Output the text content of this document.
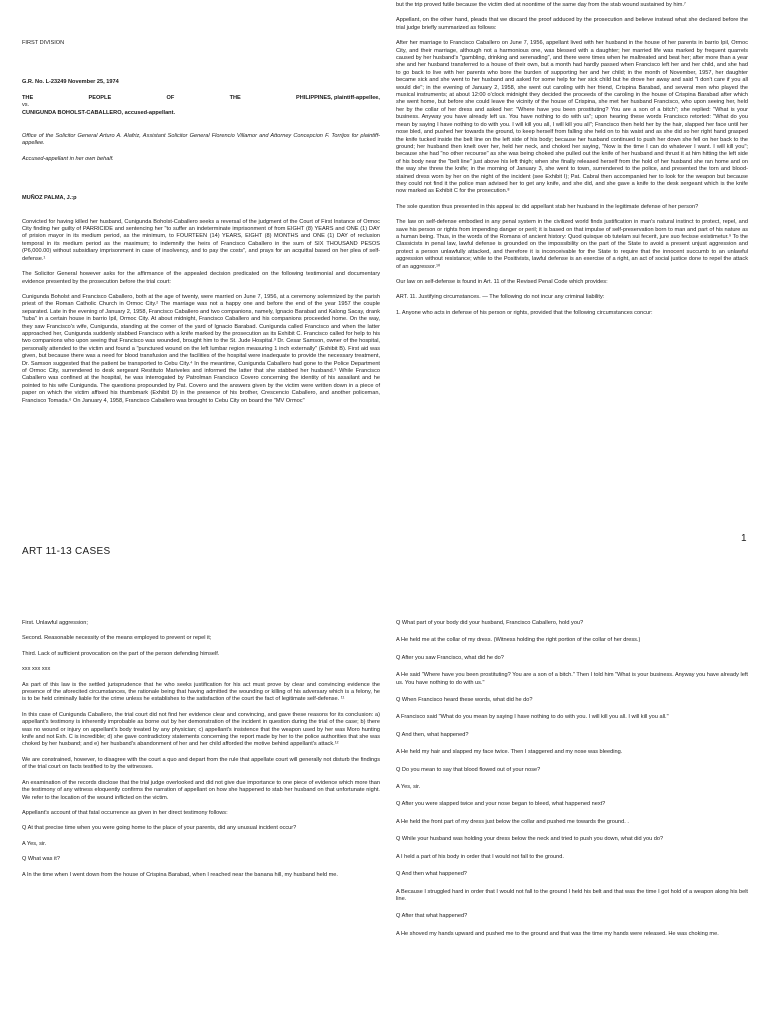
FIRST DIVISION

G.R. No. L-23249 November 25, 1974

THE	PEOPLE	OF	THE	PHILIPPINES, plaintiff-appellee,

vs.

CUNIGUNDA BOHOLST-CABALLERO, accused-appellant.

Office of the Solicitor General Arturo A. Alafriz, Assistant Solicitor General Florencio Villamor and Attorney Concepcion F. Torrijos for plaintiff-appellee.

Accused-appellant in her own behalf.

MUÑOZ PALMA, J.:p

Convicted for having killed her husband, Cunigunda Boholst-Caballero seeks a reversal of the judgment of the Court of First Instance of Ormoc City finding her guilty of PARRICIDE and sentencing her "to suffer an indeterminate imprisonment of from EIGHT (8) YEARS and ONE (1) DAY of prision mayor in its medium period, as the minimum, to FOURTEEN (14) YEARS, EIGHT (8) MONTHS and ONE (1) DAY of reclusion temporal in its medium period as the maximum; to indemnify the heirs of Francisco Caballero in the sum of SIX THOUSAND PESOS (P6,000.00) without subsidiary imprisonment in case of insolvency, and to pay the costs", and prays for an acquittal based on her plea of self-defense.¹

The Solicitor General however asks for the affirmance of the appealed decision predicated on the following testimonial and documentary evidence presented by the prosecution before the trial court:

Cunigunda Boholst and Francisco Caballero, both at the age of twenty, were married on June 7, 1956, at a ceremony solemnized by the parish priest of the Roman Catholic Church in Ormoc City.² The marriage was not a happy one and before the end of the year 1957 the couple separated. Late in the evening of January 2, 1958, Francisco Caballero and two companions, namely, Ignacio Barabad and Kalong Sacay, drank "tuba" in a certain house in barrio Ipil, Ormoc City. At about midnight, Francisco Caballero and his companions proceeded home. On the way, they saw Francisco's wife, Cunigunda, standing at the corner of the yard of Ignacio Barabad. Cunigunda called Francisco and when the latter approached her, Cunigunda suddenly stabbed Francisco with a knife marked by the prosecution as its Exhibit C. Francisco called for help to his two companions who upon seeing that Francisco was wounded, brought him to the St. Jude Hospital.³ Dr. Cesar Samson, owner of the hospital, personally attended to the victim and found a "punctured wound on the left lumbar region measuring 1 inch externally" (Exhibit B). First aid was given, but because there was a need for blood transfusion and the facilities of the hospital were inadequate to provide the necessary treatment, Dr. Samson suggested that the patient be transported to Cebu City.⁴ In the meantime, Cunigunda Caballero had gone to the Police Department of Ormoc City, surrendered to desk sergeant Restituto Mariveles and informed the latter that she stabbed her husband.⁵ While Francisco Caballero was confined at the hospital, he was interrogated by Patrolman Francisco Covero concerning the identity of his assailant and he pointed to his wife Cunigunda. The questions propounded by Pat. Covero and the answers given by the victim were written down in a piece of paper on which the victim affixed his thumbmark (Exhibit D) in the presence of his brother, Crescencio Caballero, and another policeman, Francisco Tomada.⁶ On January 4, 1958, Francisco Caballero was brought to Cebu City on board the "MV Ormoc"

but the trip proved futile because the victim died at noontime of the same day from the stab wound sustained by him.⁷

Appellant, on the other hand, pleads that we discard the proof adduced by the prosecution and believe instead what she declared before the trial judge briefly summarized as follows:

After her marriage to Francisco Caballero on June 7, 1956, appellant lived with her husband in the house of her parents in barrio Ipil, Ormoc City, and their marriage, although not a harmonious one, was blessed with a daughter; her married life was marked by frequent quarrels caused by her husband's "gambling, drinking and serenading", and there were times when he maltreated and beat her; after more than a year she and her husband transferred to a house of their own, but a month had hardly passed when Francisco left her and her child, and she had to go back to live with her parents who bore the burden of supporting her and her child; in the month of November, 1957, her daughter became sick and she went to her husband and asked for some help for her sick child but he drove her away and said "I don't care if you all would die"; in the evening of January 2, 1958, she went out caroling with her friend, Crispina Barabad, and several men who played the musical instruments; at about 12:00 o'clock midnight they decided the proceeds of the caroling in the house of Crispina Barabad after which she went home, but before she could leave the vicinity of the house of Crispina, she met her husband Francisco, who upon seeing her, held her by the collar of her dress and asked her: "Where have you been prostituting? You are a son of a bitch"; she replied: "What is your business. Anyway you have already left us. You have nothing to do with us"; upon hearing these words Francisco retorted: "What do you mean by saying I have nothing to do with you. I will kill you all, I will kill you all"; Francisco then held her by the hair, slapped her face until her nose bled, and pushed her towards the ground, to keep herself from falling she held on to his waist and as she did so her right hand grasped the knife tucked inside the belt line on the left side of his body; because her husband continued to push her down she fell on her back to the ground; her husband then knelt over her, held her neck, and choked her saying, "Now is the time I can do whatever I want. I will kill you"; because she had "no other recourse" as she was being choked she pulled out the knife of her husband and thrust it at him hitting the left side of his body near the "belt line" just above his left thigh; when she finally released herself from the hold of her husband she ran home and on the way she threw the knife; in the morning of January 3, she went to town, surrendered to the police, and presented the torn and blood-stained dress worn by her on the night of the incident (see Exhibit I); Pat. Cabral then accompanied her to look for the weapon but because they could not find it the police man advised her to get any knife, and she did, and she gave a knife to the desk sergeant which is the knife now marked as Exhibit C for the prosecution.⁸

The sole question thus presented in this appeal is: did appellant stab her husband in the legitimate defense of her person?

The law on self-defense embodied in any penal system in the civilized world finds justification in man's natural instinct to protect, repel, and save his person or rights from impending danger or peril; it is based on that impulse of self-preservation born to man and part of his nature as a human being. Thus, in the words of the Romans of ancient history: Quod quisque ob tutelam sui fecerit, jure suo fecisse existimetur.⁹ To the Classicists in penal law, lawful defense is grounded on the impossibility on the part of the State to avoid a present unjust aggression and protect a person unlawfully attacked, and therefore it is inconceivable for the State to require that the innocent succumb to an unlawful aggression without resistance; while to the Positivists, lawful defense is an exercise of a right, an act of social justice done to repel the attack of an aggressor.¹⁰

Our law on self-defense is found in Art. 11 of the Revised Penal Code which provides:

ART. 11. Justifying circumstances. — The following do not incur any criminal liability:

1. Anyone who acts in defense of his person or rights, provided that the following circumstances concur:

1
ART 11-13 CASES

First. Unlawful aggression;

Second. Reasonable necessity of the means employed to prevent or repel it;

Third. Lack of sufficient provocation on the part of the person defending himself.

xxx xxx xxx

As part of this law is the settled jurisprudence that he who seeks justification for his act must prove by clear and convincing evidence the presence of the aforecited circumstances, the rationale being that having admitted the wounding or killing of his adversary which is a felony, he is to be held criminally liable for the crime unless he establishes to the satisfaction of the court the fact of legitimate self-defense. ¹¹

In this case of Cunigunda Caballero, the trial court did not find her evidence clear and convincing, and gave these reasons for its conclusion: a) appellant's testimony is inherently improbable as borne out by her demonstration of the incident in question during the trial of the case; b) there was no wound or injury on appellant's body treated by any physician; c) appellant's insistence that the weapon used by her was Moro hunting knife and not Exh. C is incredible; d) she gave contradictory statements concerning the report made by her to the police authorities that she was choked by her husband; and e) her husband's abandonment of her and her child afforded the motive behind appellant's attack.¹²

We are constrained, however, to disagree with the court a quo and depart from the rule that appellate court will generally not disturb the findings of the trial court on facts testified to by the witnesses.

An examination of the records disclose that the trial judge overlooked and did not give due importance to one piece of evidence which more than the testimony of any witness eloquently confirms the narration of appellant on how she happened to stab her husband on that unfortunate night. We refer to the location of the wound inflicted on the victim.

Appellant's account of that fatal occurrence as given in her direct testimony follows:

Q At that precise time when you were going home to the place of your parents, did any unusual incident occur?

A Yes, sir.

Q What was it?

A In the time when I went down from the house of Crispina Barabad, when I reached near the banana hill, my husband held me.

Q What part of your body did your husband, Francisco Caballero, hold you?

A He held me at the collar of my dress. (Witness holding the right portion of the collar of her dress.)

Q After you saw Francisco, what did he do?

A He said "Where have you been prostituting? You are a son of a bitch." Then I told him "What is your business. Anyway you have already left us. You have nothing to do with us."

Q When Francisco heard these words, what did he do?

A Francisco said "What do you mean by saying I have nothing to do with you. I will kill you all. I will kill you all."

Q And then, what happened?

A He held my hair and slapped my face twice. Then I staggered and my nose was bleeding.

Q Do you mean to say that blood flowed out of your nose?

A Yes, sir.

Q After you were slapped twice and your nose began to bleed, what happened next?

A He held the front part of my dress just below the collar and pushed me towards the ground. .

Q While your husband was holding your dress below the neck and tried to push you down, what did you do?

A I held a part of his body in order that I would not fall to the ground.

Q And then what happened?

A Because I struggled hard in order that I would not fall to the ground I held his belt and that was the time I got hold of a weapon along his belt line.

Q After that what happened?

A He shoved my hands upward and pushed me to the ground and that was the time my hands were released. He was choking me.
